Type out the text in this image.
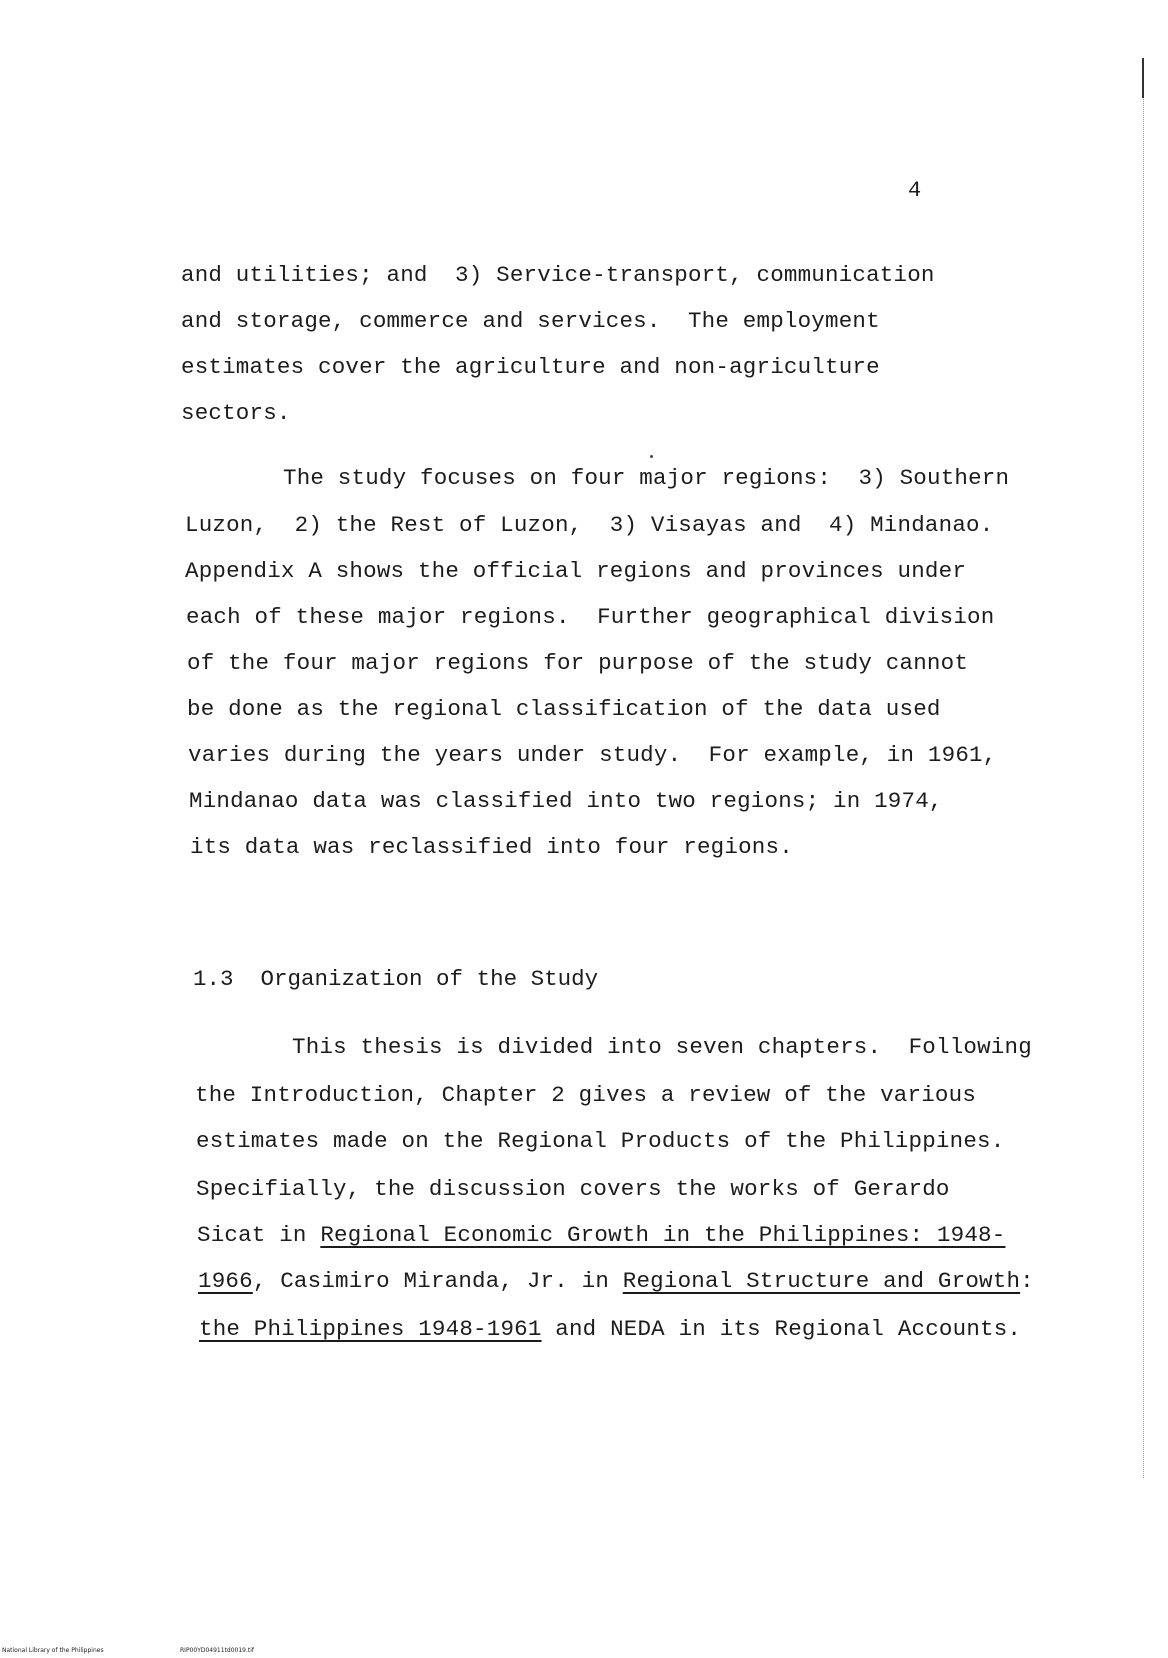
4
and utilities; and  3) Service-transport, communication
and storage, commerce and services.  The employment
estimates cover the agriculture and non-agriculture
sectors.
The study focuses on four major regions:  3) Southern
Luzon,  2) the Rest of Luzon,  3) Visayas and  4) Mindanao.
Appendix A shows the official regions and provinces under
each of these major regions.  Further geographical division
of the four major regions for purpose of the study cannot
be done as the regional classification of the data used
varies during the years under study.  For example, in 1961,
Mindanao data was classified into two regions; in 1974,
its data was reclassified into four regions.
1.3 Organization of the Study
This thesis is divided into seven chapters.  Following
the Introduction, Chapter 2 gives a review of the various
estimates made on the Regional Products of the Philippines.
Specifially, the discussion covers the works of Gerardo
Sicat in Regional Economic Growth in the Philippines: 1948-
1966, Casimiro Miranda, Jr. in Regional Structure and Growth:
the Philippines 1948-1961 and NEDA in its Regional Accounts.
National Library of the Philippines	RIP00YD04911td0019.tif
